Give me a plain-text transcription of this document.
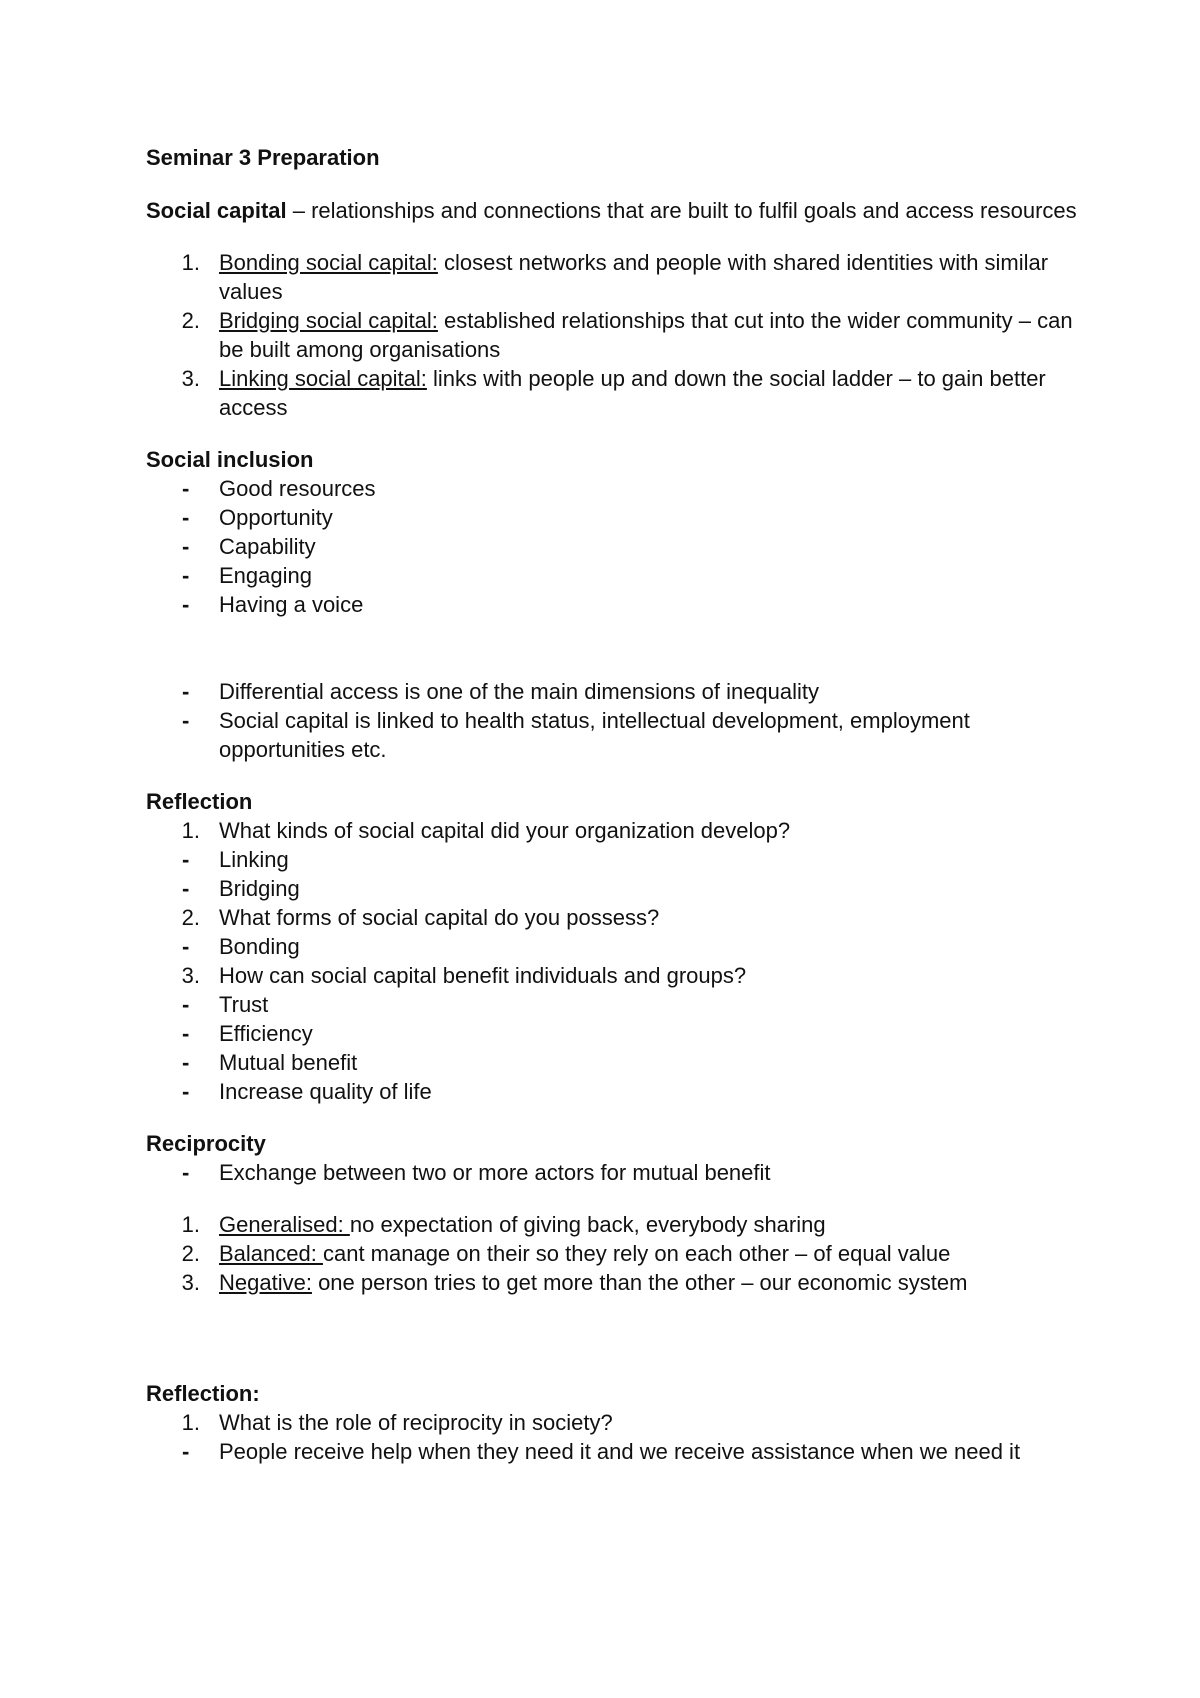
Seminar 3 Preparation
Social capital – relationships and connections that are built to fulfil goals and access resources
1. Bonding social capital: closest networks and people with shared identities with similar values
2. Bridging social capital: established relationships that cut into the wider community – can be built among organisations
3. Linking social capital: links with people up and down the social ladder – to gain better access
Social inclusion
-	Good resources
-	Opportunity
-	Capability
-	Engaging
-	Having a voice
-	Differential access is one of the main dimensions of inequality
-	Social capital is linked to health status, intellectual development, employment opportunities etc.
Reflection
1. What kinds of social capital did your organization develop?
-	Linking
-	Bridging
2. What forms of social capital do you possess?
-	Bonding
3. How can social capital benefit individuals and groups?
-	Trust
-	Efficiency
-	Mutual benefit
-	Increase quality of life
Reciprocity
-	Exchange between two or more actors for mutual benefit
1. Generalised: no expectation of giving back, everybody sharing
2. Balanced: cant manage on their so they rely on each other – of equal value
3. Negative: one person tries to get more than the other – our economic system
Reflection:
1. What is the role of reciprocity in society?
-	People receive help when they need it and we receive assistance when we need it
